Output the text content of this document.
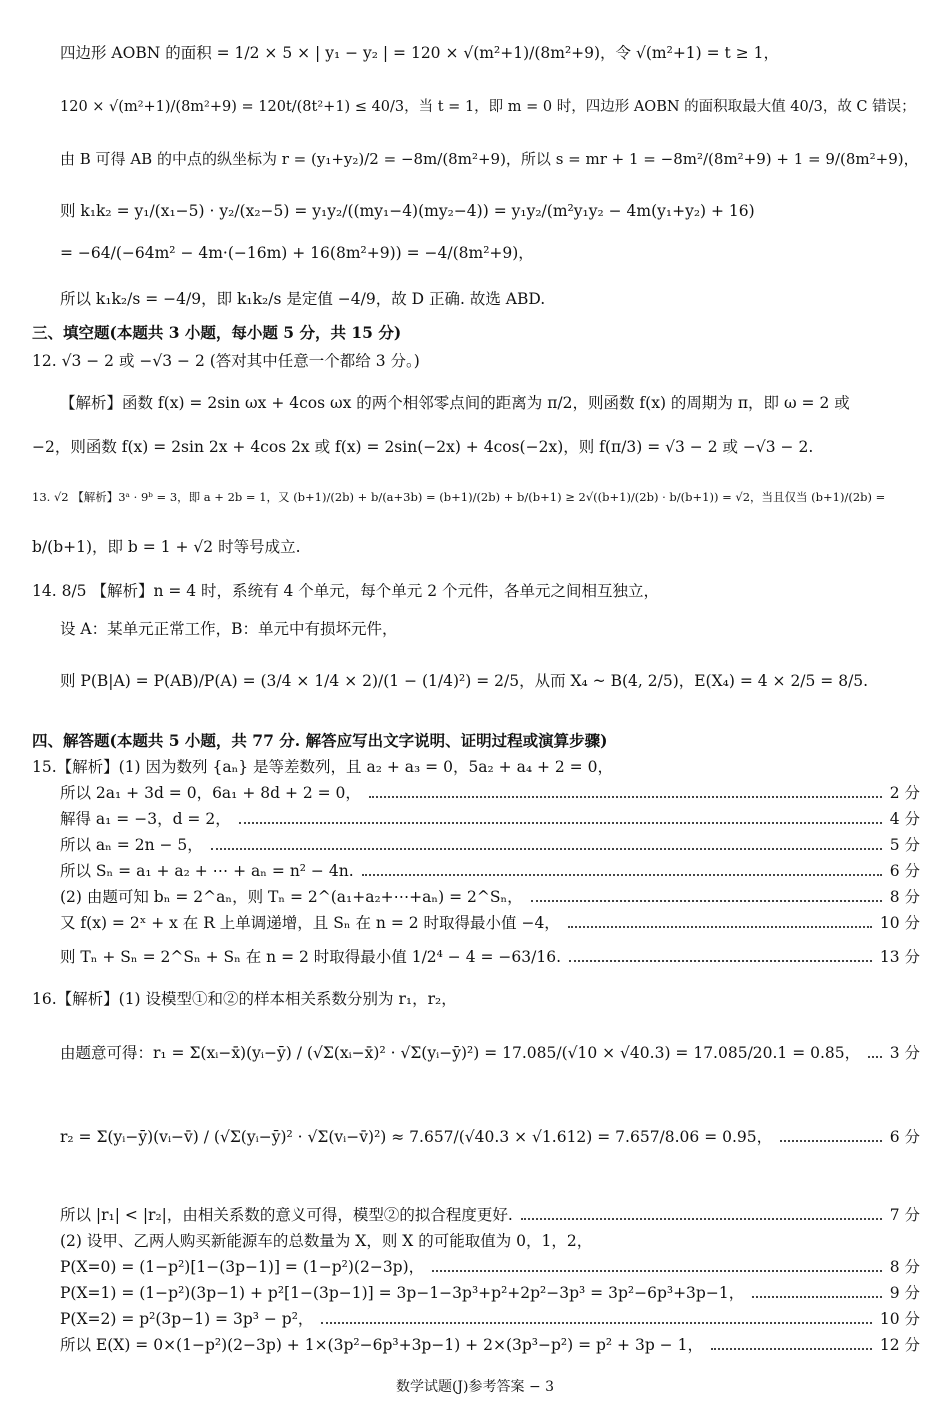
四边形 AOBN 的面积 = 1/2 × 5 × | y₁ − y₂ | = 120 × √(m²+1)/(8m²+9)，令 √(m²+1) = t ≥ 1，
120 × √(m²+1)/(8m²+9) = 120t/(8t²+1) ≤ 40/3，当 t = 1，即 m = 0 时，四边形 AOBN 的面积取最大值 40/3，故 C 错误；
由 B 可得 AB 的中点的纵坐标为 r = (y₁+y₂)/2 = −8m/(8m²+9)，所以 s = mr + 1 = −8m²/(8m²+9) + 1 = 9/(8m²+9)，
则 k₁k₂ = y₁/(x₁−5) · y₂/(x₂−5) = y₁y₂/((my₁−4)(my₂−4)) = y₁y₂/(m²y₁y₂ − 4m(y₁+y₂) + 16)
= −64/(−64m² − 4m·(−16m) + 16(8m²+9)) = −4/(8m²+9)，
所以 k₁k₂/s = −4/9，即 k₁k₂/s 是定值 −4/9，故 D 正确. 故选 ABD.
三、填空题(本题共 3 小题，每小题 5 分，共 15 分)
12. √3 − 2 或 −√3 − 2 (答对其中任意一个都给 3 分。)
【解析】函数 f(x) = 2sin ωx + 4cos ωx 的两个相邻零点间的距离为 π/2，则函数 f(x) 的周期为 π，即 ω = 2 或
−2，则函数 f(x) = 2sin 2x + 4cos 2x 或 f(x) = 2sin(−2x) + 4cos(−2x)，则 f(π/3) = √3 − 2 或 −√3 − 2.
13. √2 【解析】3ᵃ · 9ᵇ = 3，即 a + 2b = 1，又 (b+1)/(2b) + b/(a+3b) = (b+1)/(2b) + b/(b+1) ≥ 2√((b+1)/(2b) · b/(b+1)) = √2，当且仅当 (b+1)/(2b) =
b/(b+1)，即 b = 1 + √2 时等号成立.
14. 8/5 【解析】n = 4 时，系统有 4 个单元，每个单元 2 个元件，各单元之间相互独立，
设 A：某单元正常工作，B：单元中有损坏元件，
则 P(B|A) = P(AB)/P(A) = (3/4 × 1/4 × 2)/(1 − (1/4)²) = 2/5，从而 X₄ ~ B(4, 2/5)，E(X₄) = 4 × 2/5 = 8/5.
四、解答题(本题共 5 小题，共 77 分. 解答应写出文字说明、证明过程或演算步骤)
15.【解析】(1) 因为数列 {aₙ} 是等差数列，且 a₂ + a₃ = 0，5a₂ + a₄ + 2 = 0，
所以 2a₁ + 3d = 0，6a₁ + 8d + 2 = 0，	2 分
解得 a₁ = −3，d = 2，	4 分
所以 aₙ = 2n − 5，	5 分
所以 Sₙ = a₁ + a₂ + ⋯ + aₙ = n² − 4n.	6 分
(2) 由题可知 bₙ = 2^aₙ，则 Tₙ = 2^(a₁+a₂+⋯+aₙ) = 2^Sₙ，	8 分
又 f(x) = 2ˣ + x 在 R 上单调递增，且 Sₙ 在 n = 2 时取得最小值 −4，	10 分
则 Tₙ + Sₙ = 2^Sₙ + Sₙ 在 n = 2 时取得最小值 1/2⁴ − 4 = −63/16.	13 分
16.【解析】(1) 设模型①和②的样本相关系数分别为 r₁，r₂，
由题意可得：r₁ = Σ(xᵢ−x̄)(yᵢ−ȳ) / (√Σ(xᵢ−x̄)² · √Σ(yᵢ−ȳ)²) = 17.085/(√10 × √40.3) = 17.085/20.1 = 0.85， 3 分
r₂ = Σ(yᵢ−ȳ)(vᵢ−v̄) / (√Σ(yᵢ−ȳ)² · √Σ(vᵢ−v̄)²) ≈ 7.657/(√40.3 × √1.612) = 7.657/8.06 = 0.95，	6 分
所以 |r₁| < |r₂|，由相关系数的意义可得，模型②的拟合程度更好.	7 分
(2) 设甲、乙两人购买新能源车的总数量为 X，则 X 的可能取值为 0，1，2，
P(X=0) = (1−p²)[1−(3p−1)] = (1−p²)(2−3p)，	8 分
P(X=1) = (1−p²)(3p−1) + p²[1−(3p−1)] = 3p−1−3p³+p²+2p²−3p³ = 3p²−6p³+3p−1，	9 分
P(X=2) = p²(3p−1) = 3p³ − p²，	10 分
所以 E(X) = 0×(1−p²)(2−3p) + 1×(3p²−6p³+3p−1) + 2×(3p³−p²) = p² + 3p − 1，	12 分
数学试题(J)参考答案 − 3
